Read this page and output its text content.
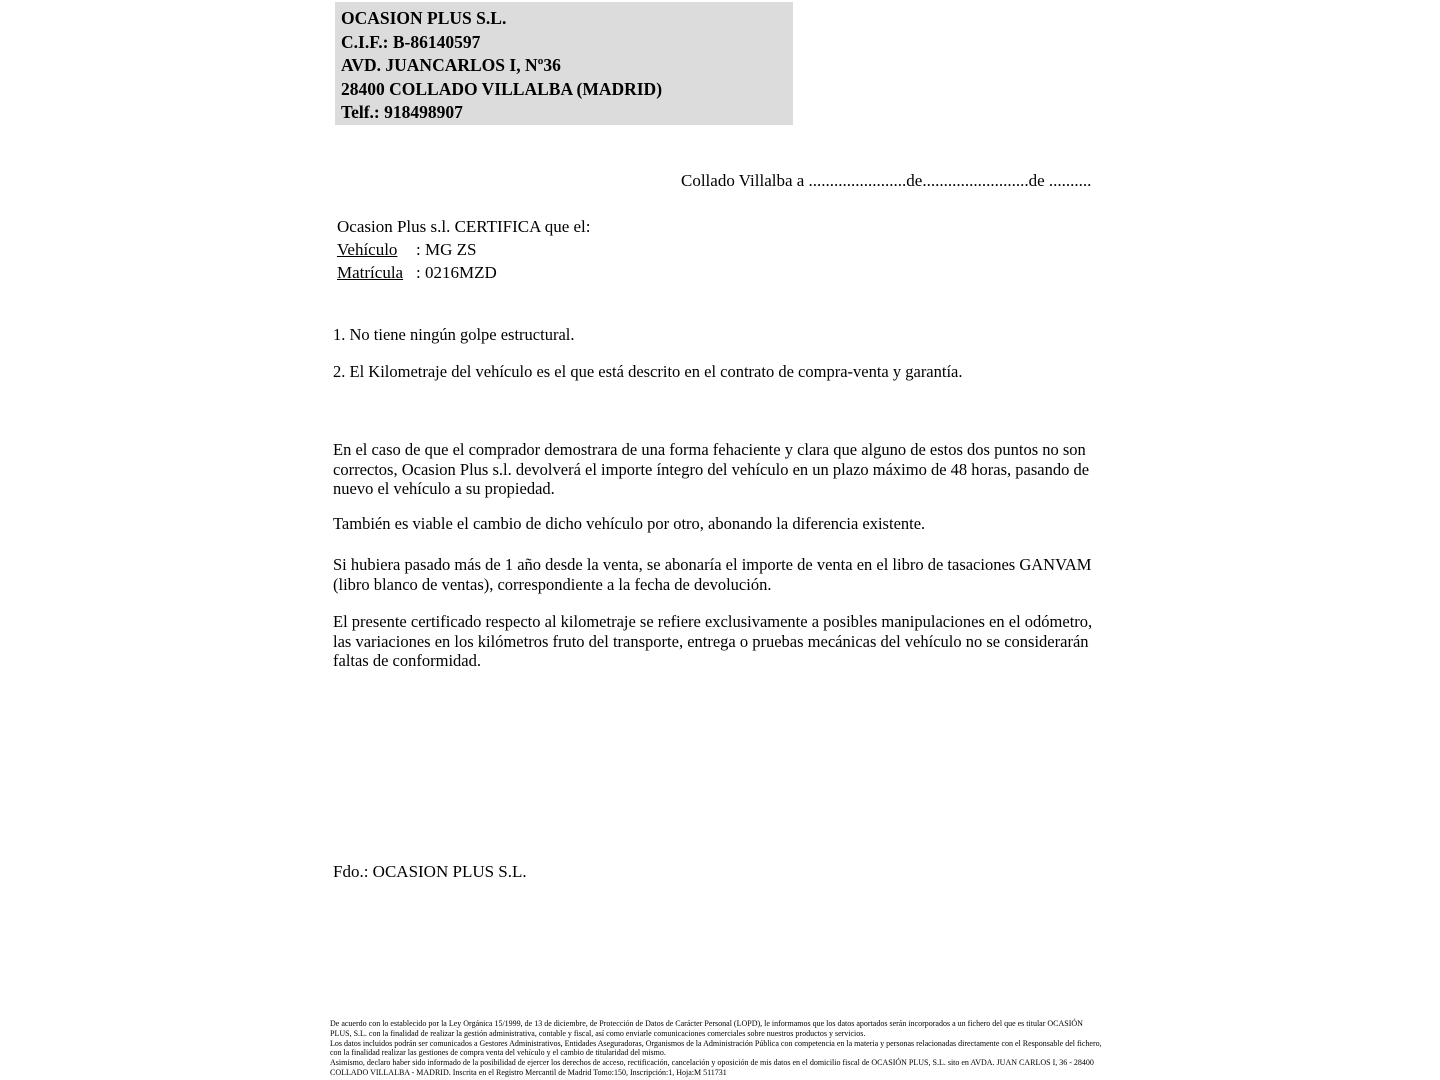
OCASION PLUS S.L.
C.I.F.: B-86140597
AVD. JUANCARLOS I, Nº36
28400 COLLADO VILLALBA (MADRID)
Telf.: 918498907
Collado Villalba a .......................de.........................de ..........
Ocasion Plus s.l. CERTIFICA que el:
Vehículo : MG ZS
Matrícula : 0216MZD
1. No tiene ningún golpe estructural.
2. El Kilometraje del vehículo es el que está descrito en el contrato de compra-venta y garantía.
En el caso de que el comprador demostrara de una forma fehaciente y clara que alguno de estos dos puntos no son correctos, Ocasion Plus s.l. devolverá el importe íntegro del vehículo en un plazo máximo de 48 horas, pasando de nuevo el vehículo a su propiedad.
También es viable el cambio de dicho vehículo por otro, abonando la diferencia existente.
Si hubiera pasado más de 1 año desde la venta, se abonaría el importe de venta en el libro de tasaciones GANVAM (libro blanco de ventas), correspondiente a la fecha de devolución.
El presente certificado respecto al kilometraje se refiere exclusivamente a posibles manipulaciones en el odómetro, las variaciones en los kilómetros fruto del transporte, entrega o pruebas mecánicas del vehículo no se considerarán faltas de conformidad.
Fdo.: OCASION PLUS S.L.
De acuerdo con lo establecido por la Ley Orgánica 15/1999, de 13 de diciembre, de Protección de Datos de Carácter Personal (LOPD), le informamos que los datos aportados serán incorporados a un fichero del que es titular OCASIÓN PLUS, S.L. con la finalidad de realizar la gestión administrativa, contable y fiscal, así como enviarle comunicaciones comerciales sobre nuestros productos y servicios.
Los datos incluidos podrán ser comunicados a Gestores Administrativos, Entidades Aseguradoras, Organismos de la Administración Pública con competencia en la materia y personas relacionadas directamente con el Responsable del fichero, con la finalidad realizar las gestiones de compra venta del vehículo y el cambio de titularidad del mismo.
Asimismo, declaro haber sido informado de la posibilidad de ejercer los derechos de acceso, rectificación, cancelación y oposición de mis datos en el domicilio fiscal de OCASIÓN PLUS, S.L. sito en AVDA. JUAN CARLOS I, 36 - 28400 COLLADO VILLALBA - MADRID. Inscrita en el Registro Mercantil de Madrid Tomo:150, Inscripción:1, Hoja:M 511731
